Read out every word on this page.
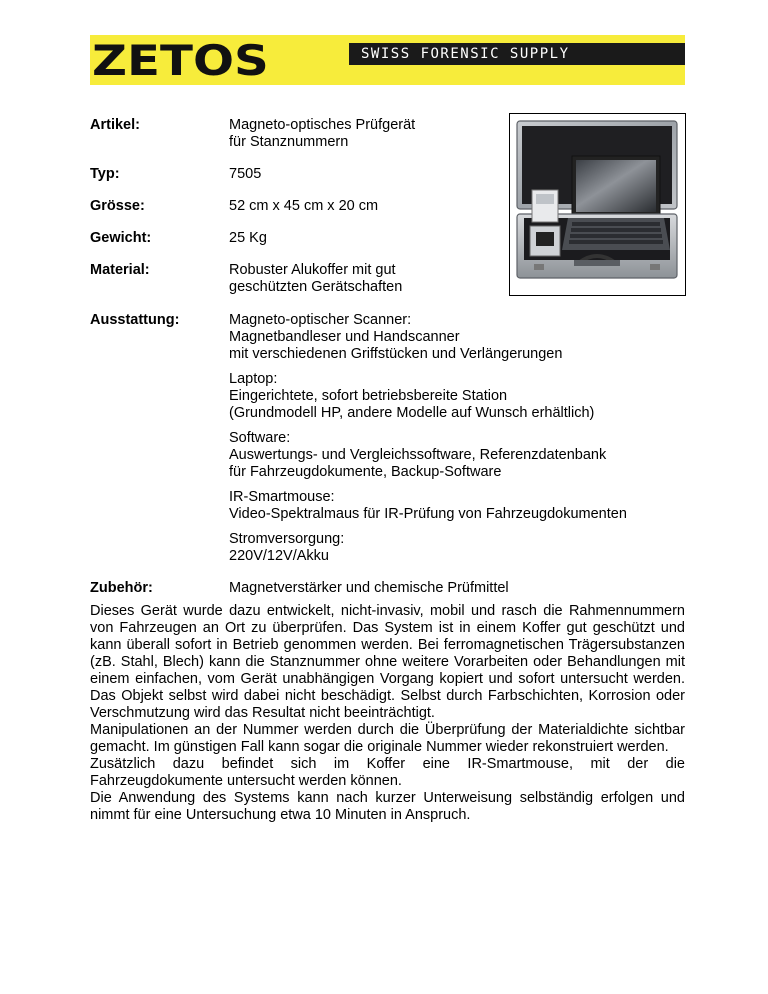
ZETOS	SWISS FORENSIC SUPPLY
Artikel:	Magneto-optisches Prüfgerät
für Stanznummern
Typ:	7505
Grösse:	52 cm x 45 cm x 20 cm
Gewicht:	25 Kg
Material:	Robuster Alukoffer mit gut
geschützten Gerätschaften
Ausstattung:	Magneto-optischer Scanner:
Magnetbandleser und Handscanner
mit verschiedenen Griffstücken und Verlängerungen
Laptop:
Eingerichtete, sofort betriebsbereite Station
(Grundmodell HP, andere Modelle auf Wunsch erhältlich)
Software:
Auswertungs- und Vergleichssoftware, Referenzdatenbank
für Fahrzeugdokumente, Backup-Software
IR-Smartmouse:
Video-Spektralmaus für IR-Prüfung von Fahrzeugdokumenten
Stromversorgung:
220V/12V/Akku
Zubehör:	Magnetverstärker und chemische Prüfmittel

Dieses Gerät wurde dazu entwickelt, nicht-invasiv, mobil und rasch die Rahmennummern von Fahrzeugen an Ort zu überprüfen. Das System ist in einem Koffer gut geschützt und kann überall sofort in Betrieb genommen werden. Bei ferromagnetischen Trägersubstanzen (zB. Stahl, Blech) kann die Stanznummer ohne weitere Vorarbeiten oder Behandlungen mit einem einfachen, vom Gerät unabhängigen Vorgang kopiert und sofort untersucht werden. Das Objekt selbst wird dabei nicht beschädigt. Selbst durch Farbschichten, Korrosion oder Verschmutzung wird das Resultat nicht beeinträchtigt.

Manipulationen an der Nummer werden durch die Überprüfung der Materialdichte sichtbar gemacht. Im günstigen Fall kann sogar die originale Nummer wieder rekonstruiert werden.

Zusätzlich dazu befindet sich im Koffer eine IR-Smartmouse, mit der die Fahrzeugdokumente untersucht werden können.

Die Anwendung des Systems kann nach kurzer Unterweisung selbständig erfolgen und nimmt für eine Untersuchung etwa 10 Minuten in Anspruch.
